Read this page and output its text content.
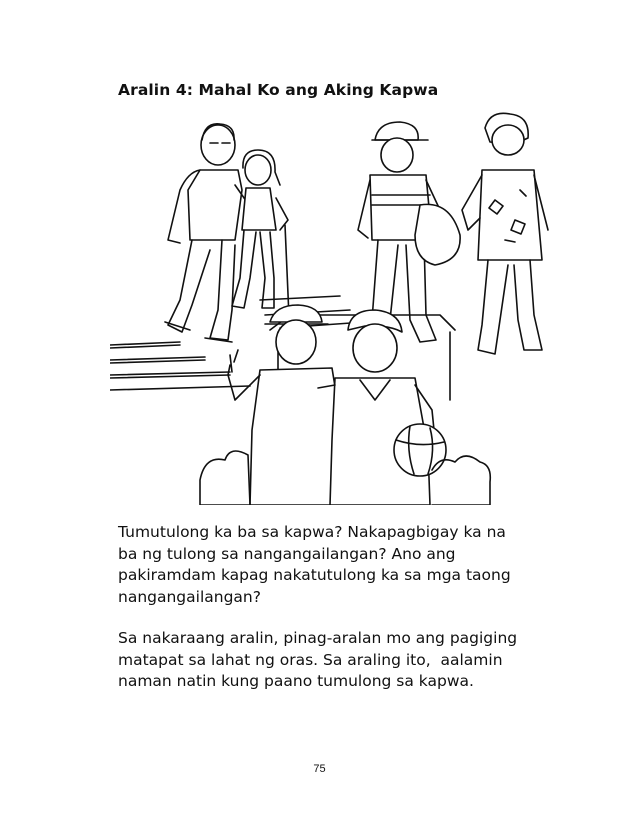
Aralin 4: Mahal Ko ang Aking Kapwa
Tumutulong ka ba sa kapwa? Nakapagbigay ka na
ba ng tulong sa nangangailangan? Ano ang
pakiramdam kapag nakatutulong ka sa mga taong
nangangailangan?
Sa nakaraang aralin, pinag-aralan mo ang pagiging
matapat sa lahat ng oras. Sa araling ito,  aalamin
naman natin kung paano tumulong sa kapwa.
75
